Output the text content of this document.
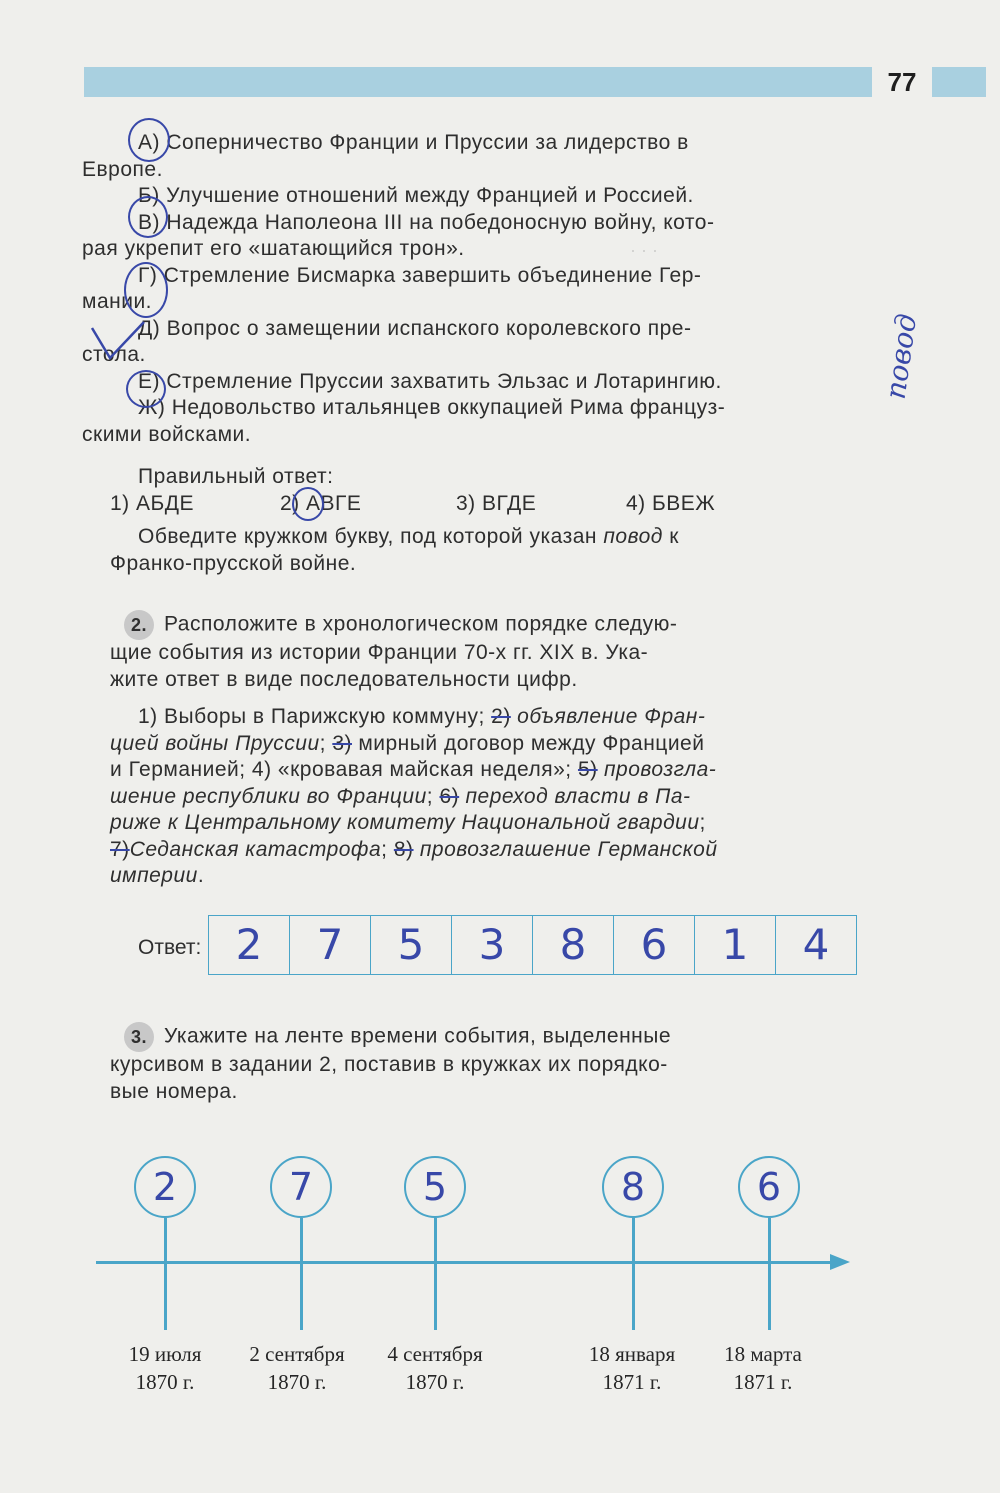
77
· · ·
А) Соперничество Франции и Пруссии за лидерство в
Европе.
Б) Улучшение отношений между Францией и Россией.
В) Надежда Наполеона III на победоносную войну, кото-
рая укрепит его «шатающийся трон».
Г) Стремление Бисмарка завершить объединение Гер-
мании.
Д) Вопрос о замещении испанского королевского пре-
стола.
Е) Стремление Пруссии захватить Эльзас и Лотарингию.
Ж) Недовольство итальянцев оккупацией Рима француз-
скими войсками.
повод
Правильный ответ:
1) АБДЕ	2) АВГЕ	3) ВГДЕ	4) БВЕЖ
Обведите кружком букву, под которой указан повод к
Франко-прусской войне.
2. Расположите в хронологическом порядке следую-
щие события из истории Франции 70-х гг. XIX в. Ука-
жите ответ в виде последовательности цифр.
1) Выборы в Парижскую коммуну; 2) объявление Фран-
цией войны Пруссии; 3) мирный договор между Францией
и Германией; 4) «кровавая майская неделя»; 5) провозгла-
шение республики во Франции; 6) переход власти в Па-
риже к Центральному комитету Национальной гвардии;
7)Седанская катастрофа; 8) провозглашение Германской
империи.
Ответ: 2	7	5	3	8	6	1	4
3. Укажите на ленте времени события, выделенные
курсивом в задании 2, поставив в кружках их порядко-
вые номера.
2	7	5	8	6
19 июля
1870 г.
2 сентября
1870 г.
4 сентября
1870 г.
18 января
1871 г.
18 марта
1871 г.
